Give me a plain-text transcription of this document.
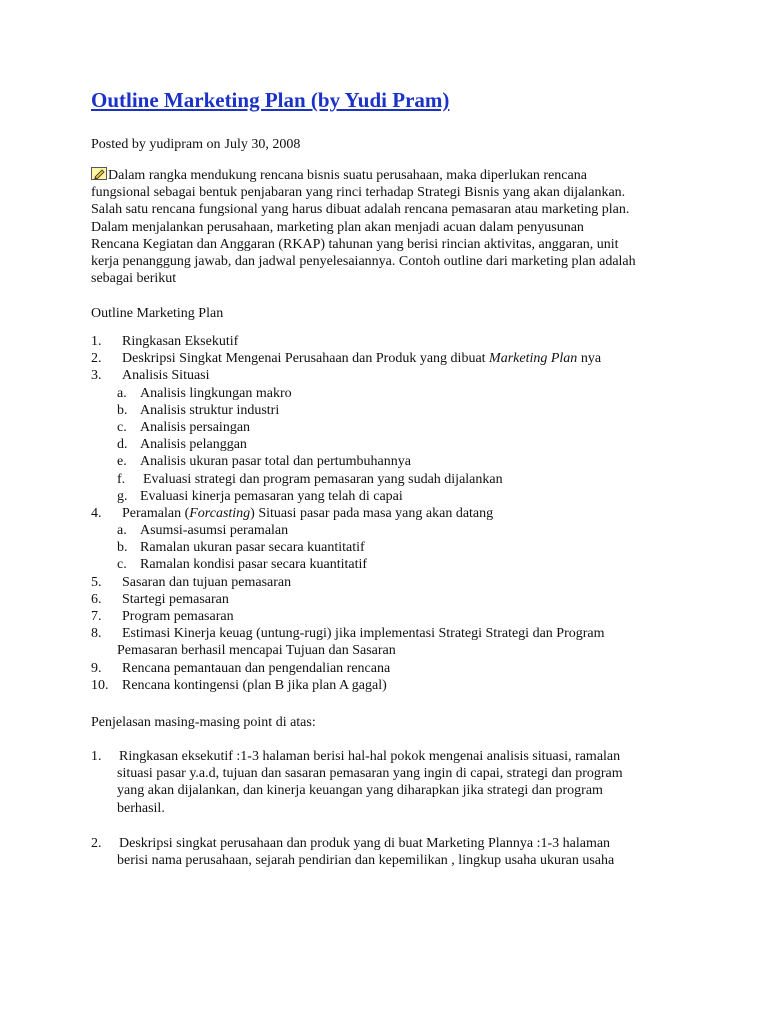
Outline Marketing Plan (by Yudi Pram)
Posted by yudipram on July 30, 2008
Dalam rangka mendukung rencana bisnis suatu perusahaan, maka diperlukan rencana
fungsional sebagai bentuk penjabaran yang rinci terhadap Strategi Bisnis yang akan dijalankan.
Salah satu rencana fungsional yang harus dibuat adalah rencana pemasaran atau marketing plan.
Dalam menjalankan perusahaan, marketing plan akan menjadi acuan dalam penyusunan
Rencana Kegiatan dan Anggaran (RKAP) tahunan yang berisi rincian aktivitas, anggaran, unit
kerja penanggung jawab, dan jadwal penyelesaiannya. Contoh outline dari marketing plan adalah
sebagai berikut
Outline Marketing Plan
1. Ringkasan Eksekutif
2. Deskripsi Singkat Mengenai Perusahaan dan Produk yang dibuat Marketing Plan nya
3. Analisis Situasi
a. Analisis lingkungan makro
b. Analisis struktur industri
c. Analisis persaingan
d. Analisis pelanggan
e. Analisis ukuran pasar total dan pertumbuhannya
f. Evaluasi strategi dan program pemasaran yang sudah dijalankan
g. Evaluasi kinerja pemasaran yang telah di capai
4. Peramalan (Forcasting) Situasi pasar pada masa yang akan datang
a. Asumsi-asumsi peramalan
b. Ramalan ukuran pasar secara kuantitatif
c. Ramalan kondisi pasar secara kuantitatif
5. Sasaran dan tujuan pemasaran
6. Startegi pemasaran
7. Program pemasaran
8. Estimasi Kinerja keuag (untung-rugi) jika implementasi Strategi Strategi dan Program
Pemasaran berhasil mencapai Tujuan dan Sasaran
9. Rencana pemantauan dan pengendalian rencana
10. Rencana kontingensi (plan B jika plan A gagal)
Penjelasan masing-masing point di atas:
1.	Ringkasan eksekutif :1-3 halaman berisi hal-hal pokok mengenai analisis situasi, ramalan
situasi pasar y.a.d, tujuan dan sasaran pemasaran yang ingin di capai, strategi dan program
yang akan dijalankan, dan kinerja keuangan yang diharapkan jika strategi dan program
berhasil.
2.	Deskripsi singkat perusahaan dan produk yang di buat Marketing Plannya :1-3 halaman
berisi nama perusahaan, sejarah pendirian dan kepemilikan , lingkup usaha ukuran usaha
